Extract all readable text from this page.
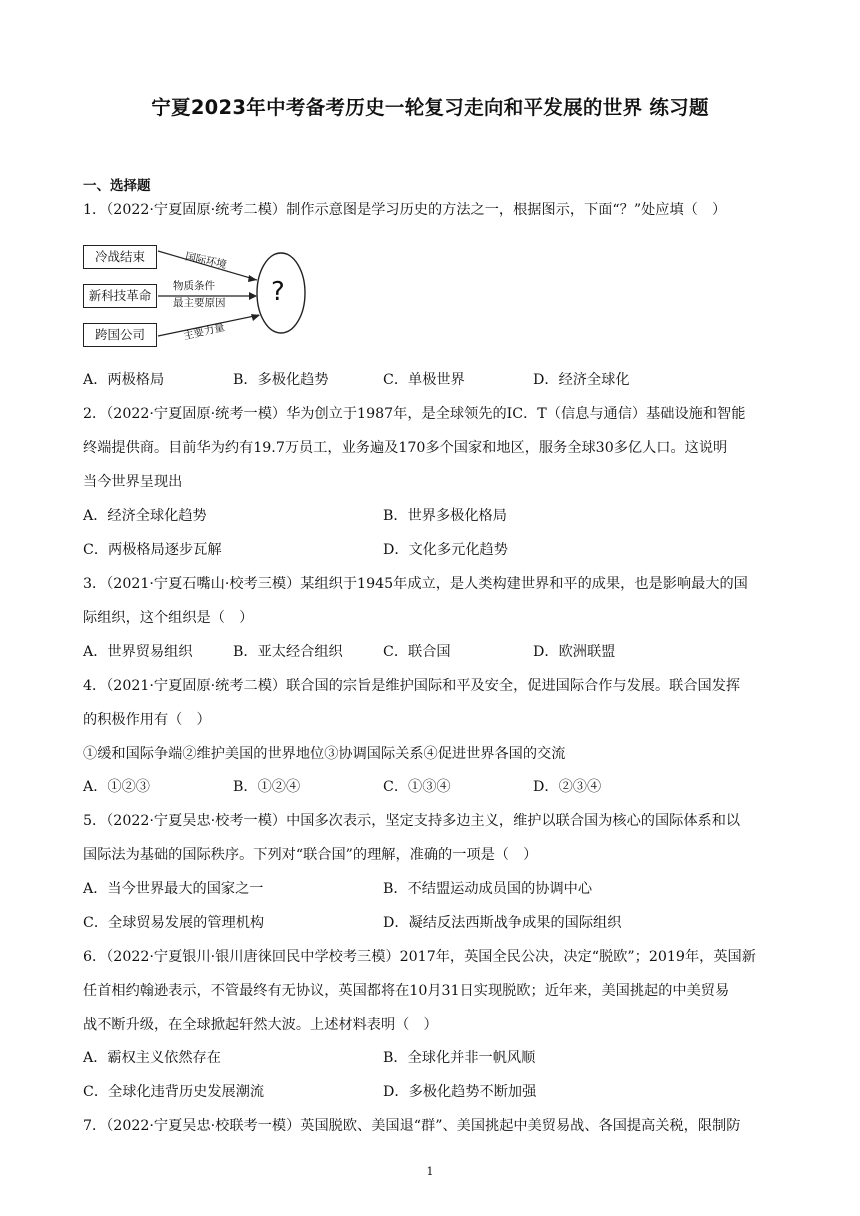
宁夏2023年中考备考历史一轮复习走向和平发展的世界 练习题
一、选择题
1．（2022·宁夏固原·统考二模）制作示意图是学习历史的方法之一，根据图示，下面“？”处应填（　）
冷战结束
新科技革命
跨国公司
国际环境
物质条件
最主要原因
主要力量
?
A．两极格局	B．多极化趋势	C．单极世界	D．经济全球化
2．（2022·宁夏固原·统考一模）华为创立于1987年，是全球领先的IC．T（信息与通信）基础设施和智能
终端提供商。目前华为约有19.7万员工，业务遍及170多个国家和地区，服务全球30多亿人口。这说明
当今世界呈现出
A．经济全球化趋势	B．世界多极化格局
C．两极格局逐步瓦解	D．文化多元化趋势
3．（2021·宁夏石嘴山·校考三模）某组织于1945年成立，是人类构建世界和平的成果，也是影响最大的国
际组织，这个组织是（　）
A．世界贸易组织	B．亚太经合组织	C．联合国	D．欧洲联盟
4．（2021·宁夏固原·统考二模）联合国的宗旨是维护国际和平及安全，促进国际合作与发展。联合国发挥
的积极作用有（　）
①缓和国际争端②维护美国的世界地位③协调国际关系④促进世界各国的交流
A．①②③	B．①②④	C．①③④	D．②③④
5．（2022·宁夏吴忠·校考一模）中国多次表示，坚定支持多边主义，维护以联合国为核心的国际体系和以
国际法为基础的国际秩序。下列对“联合国”的理解，准确的一项是（　）
A．当今世界最大的国家之一	B．不结盟运动成员国的协调中心
C．全球贸易发展的管理机构	D．凝结反法西斯战争成果的国际组织
6．（2022·宁夏银川·银川唐徕回民中学校考三模）2017年，英国全民公决，决定“脱欧”；2019年，英国新
任首相约翰逊表示，不管最终有无协议，英国都将在10月31日实现脱欧；近年来，美国挑起的中美贸易
战不断升级，在全球掀起轩然大波。上述材料表明（　）
A．霸权主义依然存在	B．全球化并非一帆风顺
C．全球化违背历史发展潮流	D．多极化趋势不断加强
7．（2022·宁夏吴忠·校联考一模）英国脱欧、美国退“群”、美国挑起中美贸易战、各国提高关税，限制防
1
